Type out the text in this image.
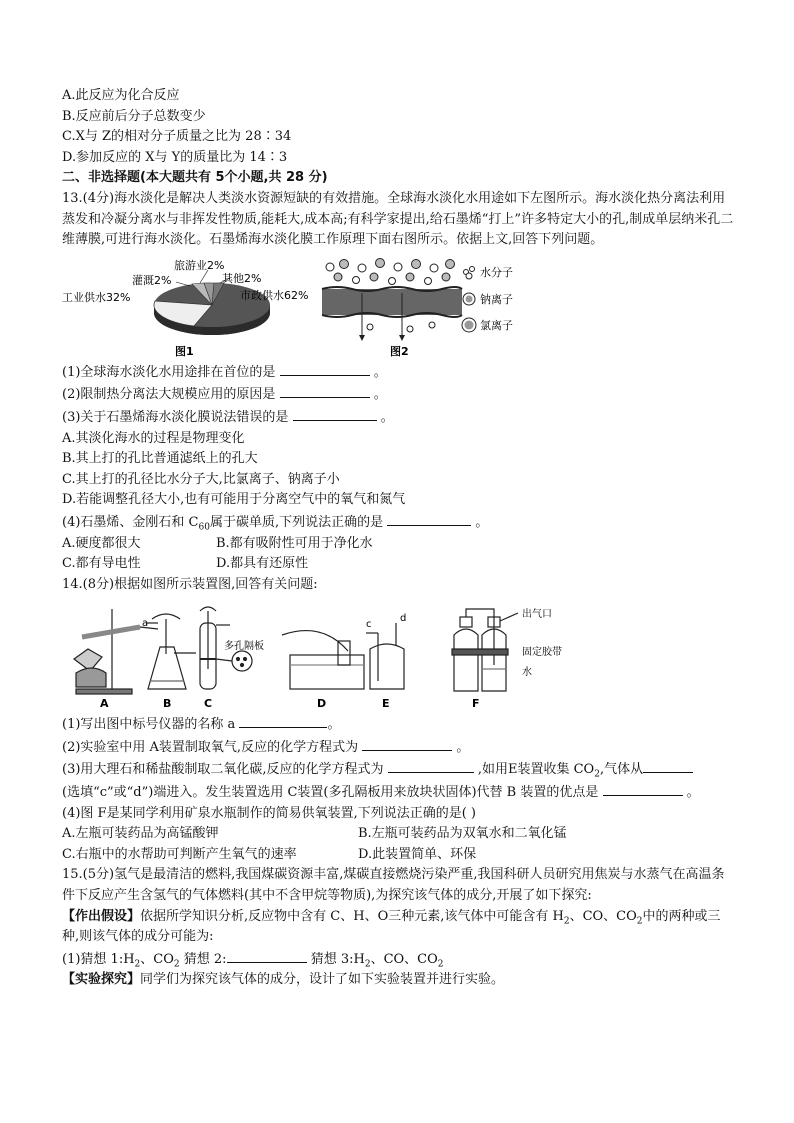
A.此反应为化合反应
B.反应前后分子总数变少
C.X与 Z的相对分子质量之比为 28∶34
D.参加反应的 X与 Y的质量比为 14∶3
二、非选择题(本大题共有 5个小题,共 28 分)
13.(4分)海水淡化是解决人类淡水资源短缺的有效措施。全球海水淡化水用途如下左图所示。海水淡化热分离法利用蒸发和冷凝分离水与非挥发性物质,能耗大,成本高;有科学家提出,给石墨烯“打上”许多特定大小的孔,制成单层纳米孔二维薄膜,可进行海水淡化。石墨烯海水淡化膜工作原理下面右图所示。依据上文,回答下列问题。
旅游业2%
灌溉2%	其他2%
工业供水32%	市政供水62%
图1	图2
水分子
钠离子
氯离子
(1)全球海水淡化水用途排在首位的是	。
(2)限制热分离法大规模应用的原因是	。
(3)关于石墨烯海水淡化膜说法错误的是	。
A.其淡化海水的过程是物理变化
B.其上打的孔比普通滤纸上的孔大
C.其上打的孔径比水分子大,比氯离子、钠离子小
D.若能调整孔径大小,也有可能用于分离空气中的氧气和氮气
(4)石墨烯、金刚石和 $C_{60}$属于碳单质,下列说法正确的是	。
A.硬度都很大	B.都有吸附性可用于净化水
C.都有导电性	D.都具有还原性
14.(8分)根据如图所示装置图,回答有关问题:
A
a
B
多孔隔板
C	D
c
d
E
出气口
固定胶带
水
F
(1)写出图中标号仪器的名称 a	。
(2)实验室中用 A装置制取氧气,反应的化学方程式为	。
(3)用大理石和稀盐酸制取二氧化碳,反应的化学方程式为	,如用E装置收集 $CO_2$,气体从
(选填“c”或“d”)端进入。发生装置选用 C装置(多孔隔板用来放块状固体)代替 B 装置的优点是	。
(4)图 F是某同学利用矿泉水瓶制作的简易供氧装置,下列说法正确的是( )
A.左瓶可装药品为高锰酸钾	B.左瓶可装药品为双氧水和二氧化锰
C.右瓶中的水帮助可判断产生氧气的速率	D.此装置简单、环保
15.(5分)氢气是最清洁的燃料,我国煤碳资源丰富,煤碳直接燃烧污染严重,我国科研人员研究用焦炭与水蒸气在高温条件下反应产生含氢气的气体燃料(其中不含甲烷等物质),为探究该气体的成分,开展了如下探究:
【作出假设】依据所学知识分析,反应物中含有 C、H、O三种元素,该气体中可能含有 $H_2$、CO、$CO_2$中的两种或三种,则该气体的成分可能为:
(1)猜想 $1:H_2$、$CO_2$ 猜想 2:	猜想 $3:H_2$、CO、$CO_2$
【实验探究】同学们为探究该气体的成分，设计了如下实验装置并进行实验。
